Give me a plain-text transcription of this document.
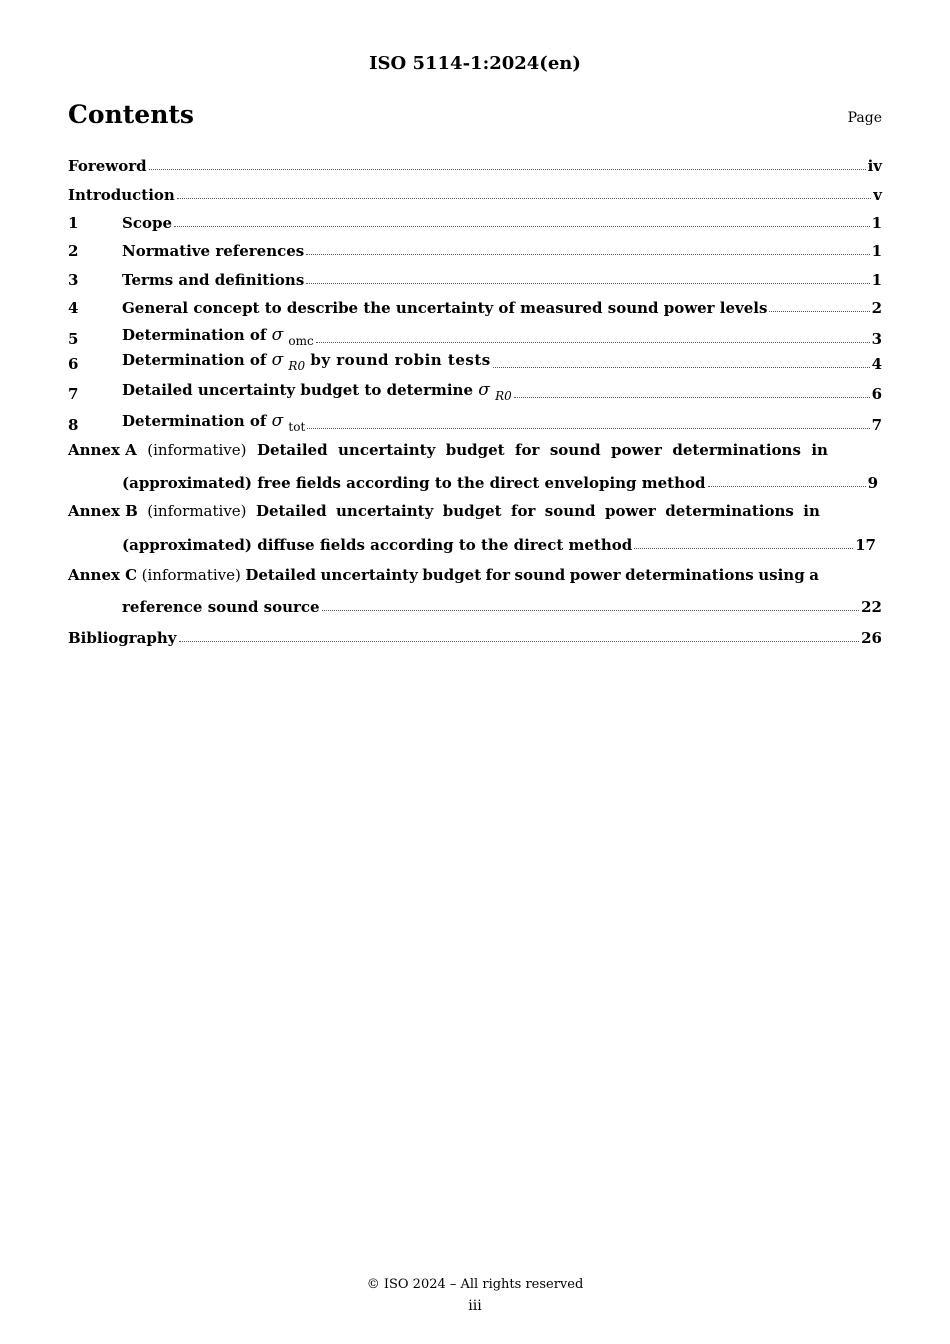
ISO 5114-1:2024(en)
Contents	Page
Foreword	iv
Introduction	v
1	Scope	1
2	Normative references	1
3	Terms and definitions	1
4	General concept to describe the uncertainty of measured sound power levels	2
5	Determination of σ $_{omc}$	3
6	Determination of σ $_{R0}$ by round robin tests	4
7	Detailed uncertainty budget to determine σ $_{R0}$	6
8	Determination of σ $_{tot}$	7
Annex A (informative) Detailed uncertainty budget for sound power determinations in
(approximated) free fields according to the direct enveloping method	9
Annex B (informative) Detailed uncertainty budget for sound power determinations in
(approximated) diffuse fields according to the direct method	17
Annex C (informative) Detailed uncertainty budget for sound power determinations using a
reference sound source	22
Bibliography	26
© ISO 2024 – All rights reserved
iii
